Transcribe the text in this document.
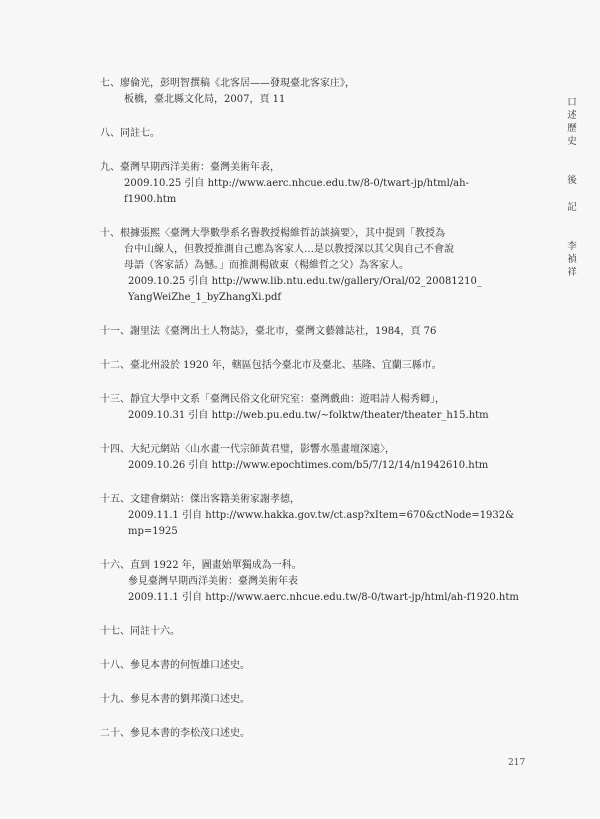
七、廖倫光，彭明智撰稿《北客居——發現臺北客家庄》，
板橋，臺北縣文化局，2007，頁 11
八、同註七。
九、臺灣早期西洋美術：臺灣美術年表，
2009.10.25 引自 http://www.aerc.nhcue.edu.tw/8-0/twart-jp/html/ah-f1900.htm
十、根據張熙〈臺灣大學數學系名譽教授楊維哲訪談摘要〉，其中提到「教授為
台中山線人，但教授推測自己應為客家人…是以教授深以其父與自己不會說
母語（客家話）為憾。」而推測楊啟東（楊維哲之父）為客家人。
2009.10.25 引自 http://www.lib.ntu.edu.tw/gallery/Oral/02_20081210_
YangWeiZhe_1_byZhangXi.pdf
十一、謝里法《臺灣出土人物誌》，臺北市，臺灣文藝雜誌社，1984，頁 76
十二、臺北州設於 1920 年，轄區包括今臺北市及臺北、基隆、宜蘭三縣市。
十三、靜宜大學中文系「臺灣民俗文化研究室：臺灣戲曲：遊唱詩人楊秀卿」，
2009.10.31 引自 http://web.pu.edu.tw/~folktw/theater/theater_h15.htm
十四、大紀元網站〈山水畫一代宗師黃君璧，影響水墨畫壇深遠〉，
2009.10.26 引自 http://www.epochtimes.com/b5/7/12/14/n1942610.htm
十五、文建會網站：傑出客籍美術家謝孝德，
2009.11.1 引自 http://www.hakka.gov.tw/ct.asp?xItem=670&ctNode=1932&
mp=1925
十六、直到 1922 年，圖畫始單獨成為一科。
參見臺灣早期西洋美術：臺灣美術年表
2009.11.1 引自 http://www.aerc.nhcue.edu.tw/8-0/twart-jp/html/ah-f1920.htm
十七、同註十六。
十八、參見本書的何恆雄口述史。
十九、參見本書的劉邦漢口述史。
二十、參見本書的李松茂口述史。
口
述
歷
史
後
記
李
禎
祥
217
